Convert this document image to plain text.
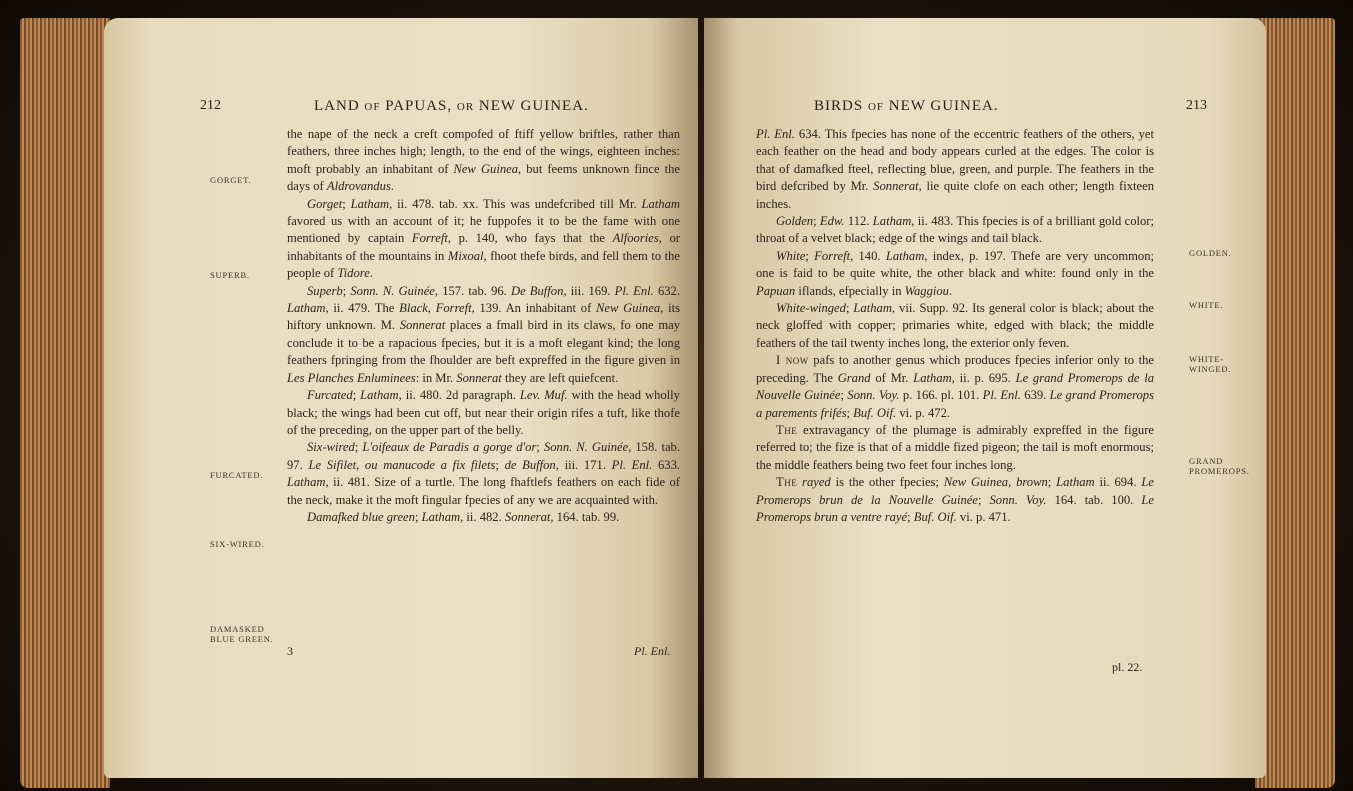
212	LAND OF PAPUAS, OR NEW GUINEA.
GORGET.
SUPERB.
FURCATED.
SIX-WIRED.
DAMASKED
BLUE GREEN.

the nape of the neck a creft compofed of ftiff yellow briftles, rather than feathers, three inches high; length, to the end of the wings, eighteen inches: moft probably an inhabitant of New Guinea, but feems unknown fince the days of Aldrovandus.

Gorget; Latham, ii. 478. tab. xx. This was undefcribed till Mr. Latham favored us with an account of it; he fuppofes it to be the fame with one mentioned by captain Forreft, p. 140, who fays that the Alfoories, or inhabitants of the mountains in Mixoal, fhoot thefe birds, and fell them to the people of Tidore.

Superb; Sonn. N. Guinée, 157. tab. 96. De Buffon, iii. 169. Pl. Enl. 632. Latham, ii. 479. The Black, Forreft, 139. An inhabitant of New Guinea, its hiftory unknown. M. Sonnerat places a fmall bird in its claws, fo one may conclude it to be a rapacious fpecies, but it is a moft elegant kind; the long feathers fpringing from the fhoulder are beft expreffed in the figure given in Les Planches Enluminees: in Mr. Sonnerat they are left quiefcent.

Furcated; Latham, ii. 480. 2d paragraph. Lev. Muf. with the head wholly black; the wings had been cut off, but near their origin rifes a tuft, like thofe of the preceding, on the upper part of the belly.

Six-wired; L'oifeaux de Paradis a gorge d'or; Sonn. N. Guinée, 158. tab. 97. Le Sifilet, ou manucode a fix filets; de Buffon, iii. 171. Pl. Enl. 633. Latham, ii. 481. Size of a turtle. The long fhaftlefs feathers on each fide of the neck, make it the moft fingular fpecies of any we are acquainted with.

Damafked blue green; Latham, ii. 482. Sonnerat, 164. tab. 99.

3	Pl. Enl.
BIRDS OF NEW GUINEA.	213

Pl. Enl. 634. This fpecies has none of the eccentric feathers of the others, yet each feather on the head and body appears curled at the edges. The color is that of damafked fteel, reflecting blue, green, and purple. The feathers in the bird defcribed by Mr. Sonnerat, lie quite clofe on each other; length fixteen inches.

Golden; Edw. 112. Latham, ii. 483. This fpecies is of a brilliant gold color; throat of a velvet black; edge of the wings and tail black.

White; Forreft, 140. Latham, index, p. 197. Thefe are very uncommon; one is faid to be quite white, the other black and white: found only in the Papuan iflands, efpecially in Waggiou.

White-winged; Latham, vii. Supp. 92. Its general color is black; about the neck gloffed with copper; primaries white, edged with black; the middle feathers of the tail twenty inches long, the exterior only feven.

I now pafs to another genus which produces fpecies inferior only to the preceding. The Grand of Mr. Latham, ii. p. 695. Le grand Promerops de la Nouvelle Guinée; Sonn. Voy. p. 166. pl. 101. Pl. Enl. 639. Le grand Promerops a parements frifés; Buf. Oif. vi. p. 472.

The extravagancy of the plumage is admirably expreffed in the figure referred to; the fize is that of a middle fized pigeon; the tail is moft enormous; the middle feathers being two feet four inches long.

The rayed is the other fpecies; New Guinea, brown; Latham ii. 694. Le Promerops brun de la Nouvelle Guinée; Sonn. Voy. 164. tab. 100. Le Promerops brun a ventre rayé; Buf. Oif. vi. p. 471.

pl. 22.
GOLDEN.
WHITE.
WHITE-
WINGED.
GRAND
PROMEROPS.
